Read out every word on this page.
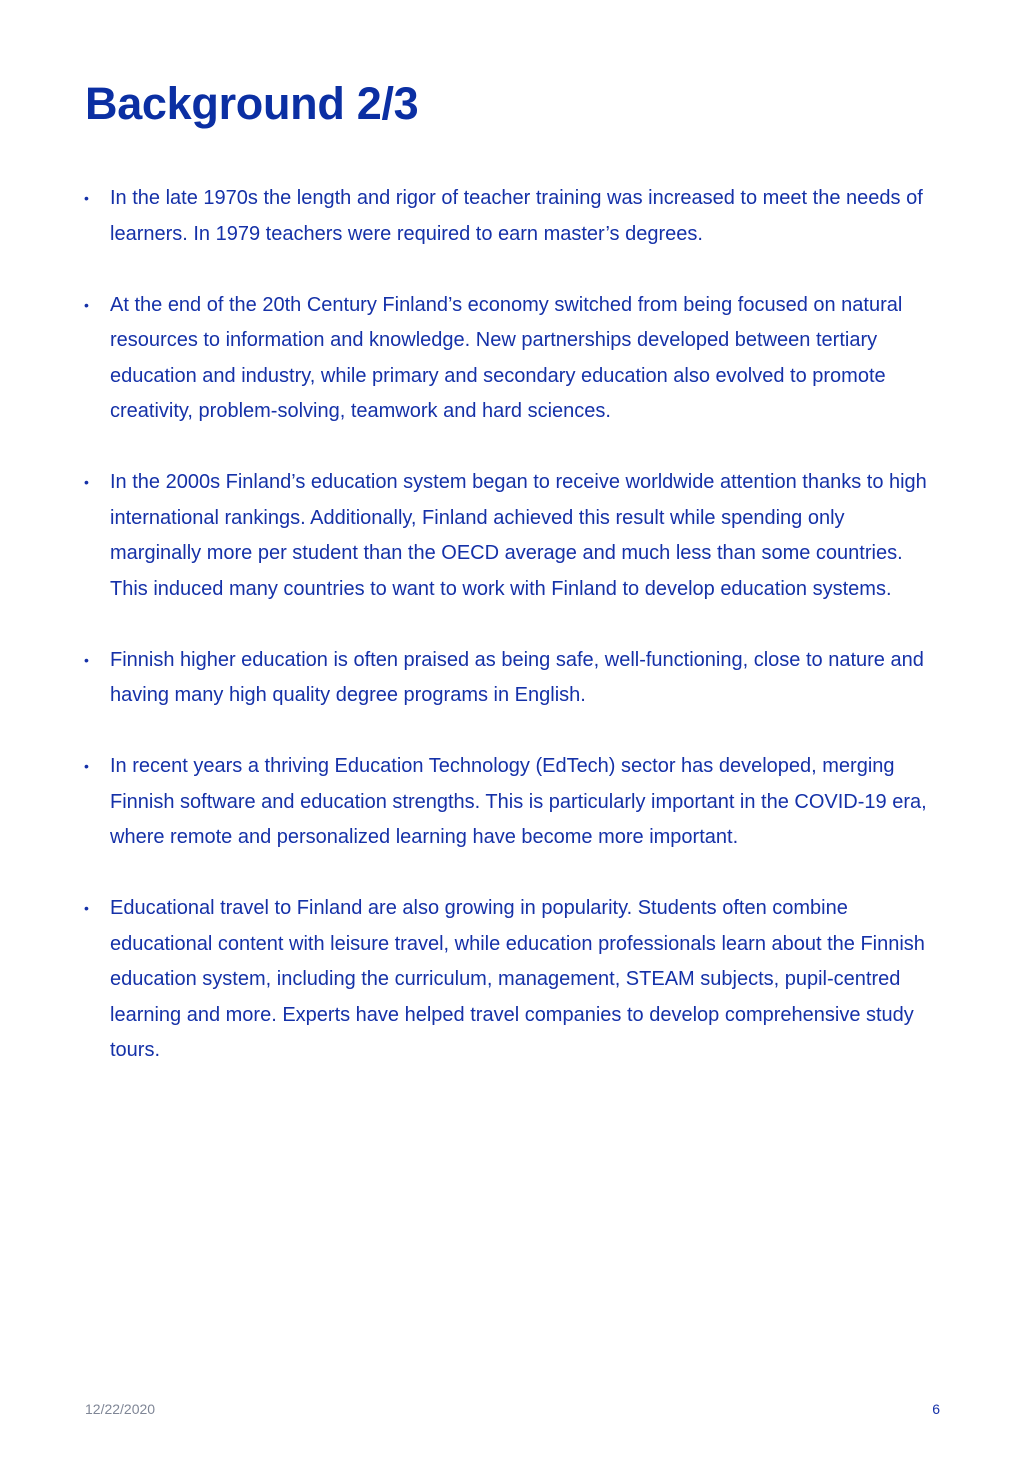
Background 2/3
• In the late 1970s the length and rigor of teacher training was increased to meet the needs of learners. In 1979 teachers were required to earn master’s degrees.
• At the end of the 20th Century Finland’s economy switched from being focused on natural resources to information and knowledge. New partnerships developed between tertiary education and industry, while primary and secondary education also evolved to promote creativity, problem-solving, teamwork and hard sciences.
• In the 2000s Finland’s education system began to receive worldwide attention thanks to high international rankings. Additionally, Finland achieved this result while spending only marginally more per student than the OECD average and much less than some countries. This induced many countries to want to work with Finland to develop education systems.
• Finnish higher education is often praised as being safe, well-functioning, close to nature and having many high quality degree programs in English.
• In recent years a thriving Education Technology (EdTech) sector has developed, merging Finnish software and education strengths. This is particularly important in the COVID-19 era, where remote and personalized learning have become more important.
• Educational travel to Finland are also growing in popularity. Students often combine educational content with leisure travel, while education professionals learn about the Finnish education system, including the curriculum, management, STEAM subjects, pupil-centred learning and more. Experts have helped travel companies to develop comprehensive study tours.
12/22/2020	6
